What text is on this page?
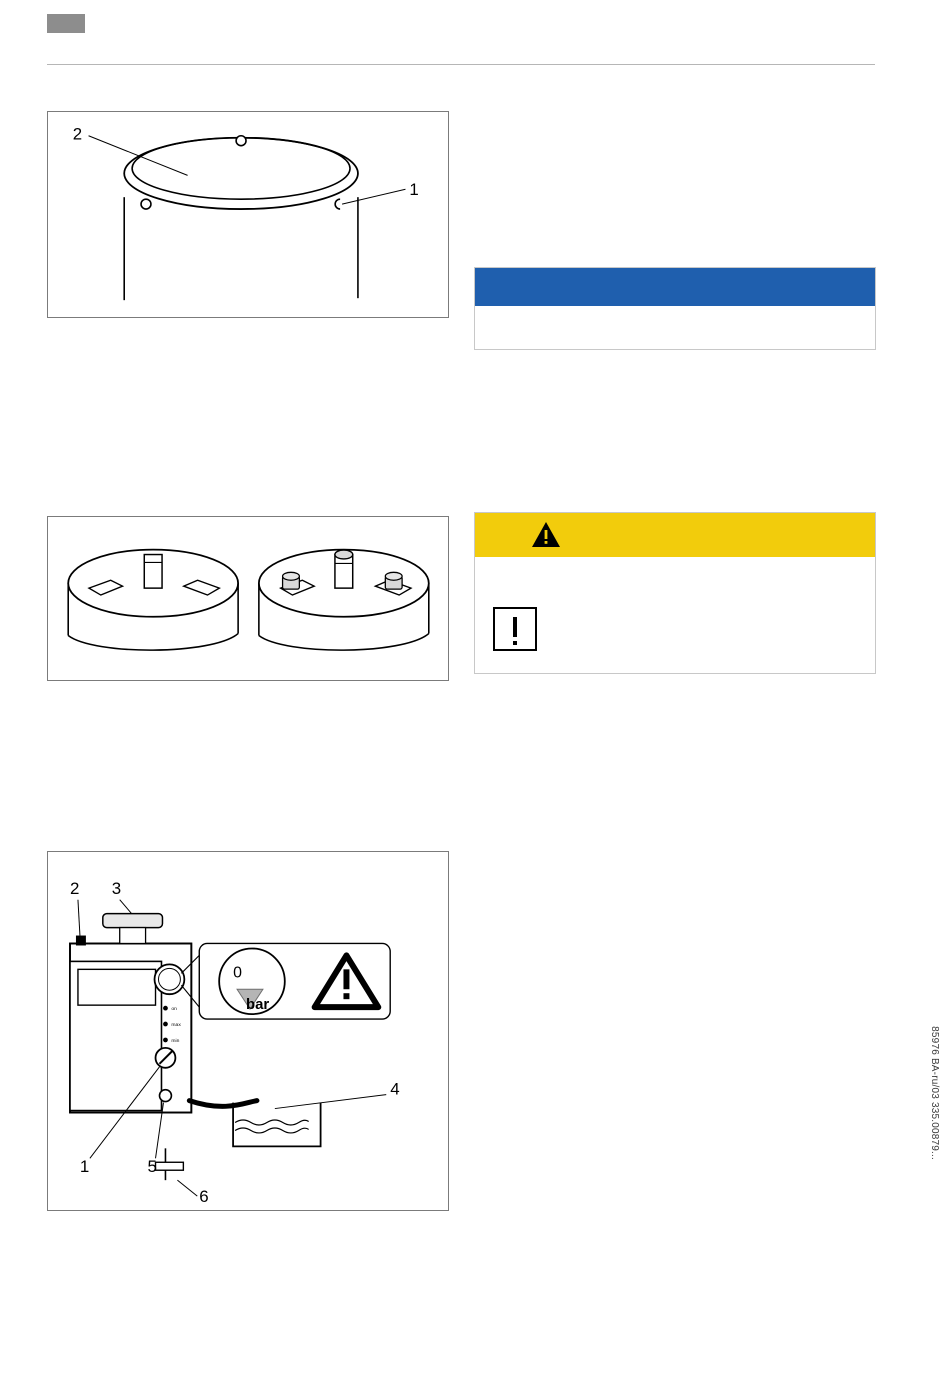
2
1
on
max
min
0
bar
4
6
2 3
1	5
85976 BA-ru/03 335.00879...
